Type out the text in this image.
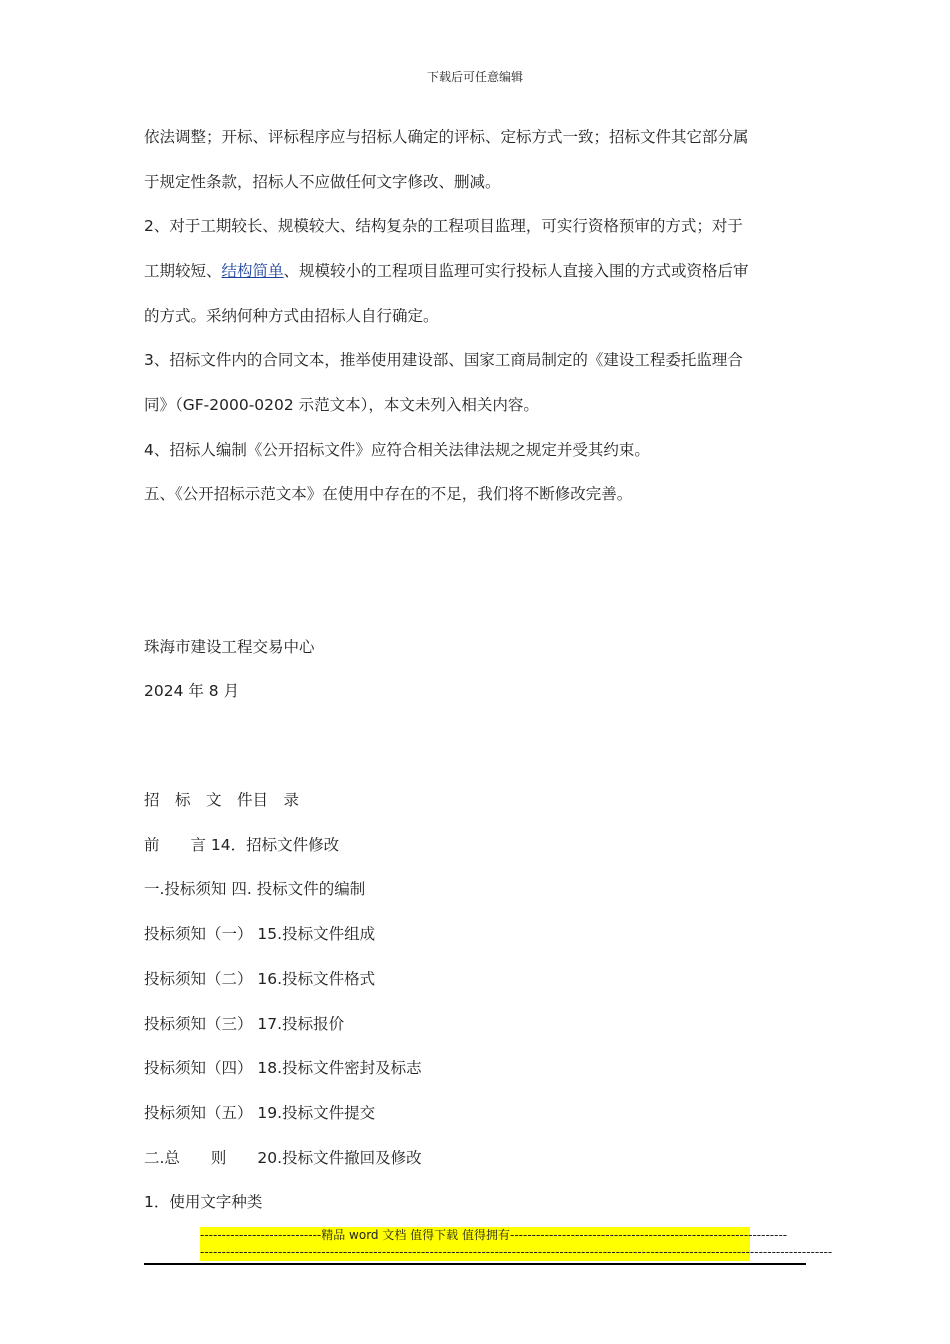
下载后可任意编辑
依法调整；开标、评标程序应与招标人确定的评标、定标方式一致；招标文件其它部分属
于规定性条款，招标人不应做任何文字修改、删减。
2、对于工期较长、规模较大、结构复杂的工程项目监理，可实行资格预审的方式；对于
工期较短、结构简单、规模较小的工程项目监理可实行投标人直接入围的方式或资格后审
的方式。采纳何种方式由招标人自行确定。
3、招标文件内的合同文本，推举使用建设部、国家工商局制定的《建设工程委托监理合
同》（GF-2000-0202 示范文本），本文未列入相关内容。
4、招标人编制《公开招标文件》应符合相关法律法规之规定并受其约束。
五、《公开招标示范文本》在使用中存在的不足，我们将不断修改完善。
珠海市建设工程交易中心
2024 年 8 月
招　标　文　件目　录
前　　言 14．招标文件修改
一.投标须知 四. 投标文件的编制
投标须知（一） 15.投标文件组成
投标须知（二） 16.投标文件格式
投标须知（三） 17.投标报价
投标须知（四） 18.投标文件密封及标志
投标须知（五） 19.投标文件提交
二.总　　则　　20.投标文件撤回及修改
1．使用文字种类
----------------------------精品 word 文档 值得下载 值得拥有----------------------------------------------------------------
--------------------------------------------------------------------------------------------------------------------------------------------------
